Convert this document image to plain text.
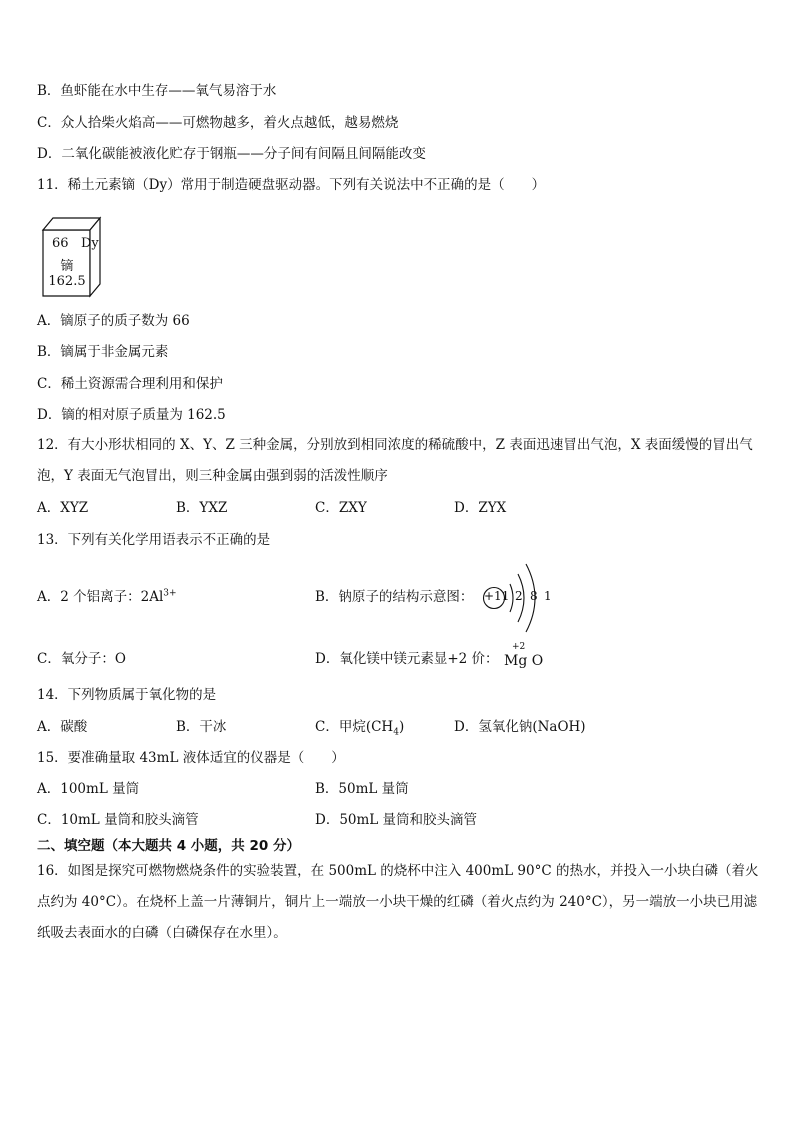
B．鱼虾能在水中生存——氧气易溶于水
C．众人拾柴火焰高——可燃物越多，着火点越低，越易燃烧
D．二氧化碳能被液化贮存于钢瓶——分子间有间隔且间隔能改变
11．稀土元素镝（Dy）常用于制造硬盘驱动器。下列有关说法中不正确的是（　　）
66 Dy
镝
162.5
A．镝原子的质子数为 66
B．镝属于非金属元素
C．稀土资源需合理利用和保护
D．镝的相对原子质量为 162.5
12．有大小形状相同的 X、Y、Z 三种金属，分别放到相同浓度的稀硫酸中，Z 表面迅速冒出气泡，X 表面缓慢的冒出气泡，Y 表面无气泡冒出，则三种金属由强到弱的活泼性顺序
A．XYZ	B．YXZ	C．ZXY	D．ZYX
13．下列有关化学用语表示不正确的是
A．2 个铝离子：$2Al^{3+}$	B．钠原子的结构示意图： +11 2 8 1
C．氧分子：O	D．氧化镁中镁元素显+2 价：
+2
Mg O
14．下列物质属于氧化物的是
A．碳酸	B．干冰	C．甲烷$(CH_4)$	D．氢氧化钠(NaOH)
15．要准确量取 43mL 液体适宜的仪器是（　　）
A．100mL 量筒	B．50mL 量筒
C．10mL 量筒和胶头滴管	D．50mL 量筒和胶头滴管
二、填空题（本大题共 4 小题，共 20 分）
16．如图是探究可燃物燃烧条件的实验装置，在 500mL 的烧杯中注入 400mL 90°C 的热水，并投入一小块白磷（着火点约为 40°C）。在烧杯上盖一片薄铜片，铜片上一端放一小块干燥的红磷（着火点约为 240°C），另一端放一小块已用滤纸吸去表面水的白磷（白磷保存在水里）。
